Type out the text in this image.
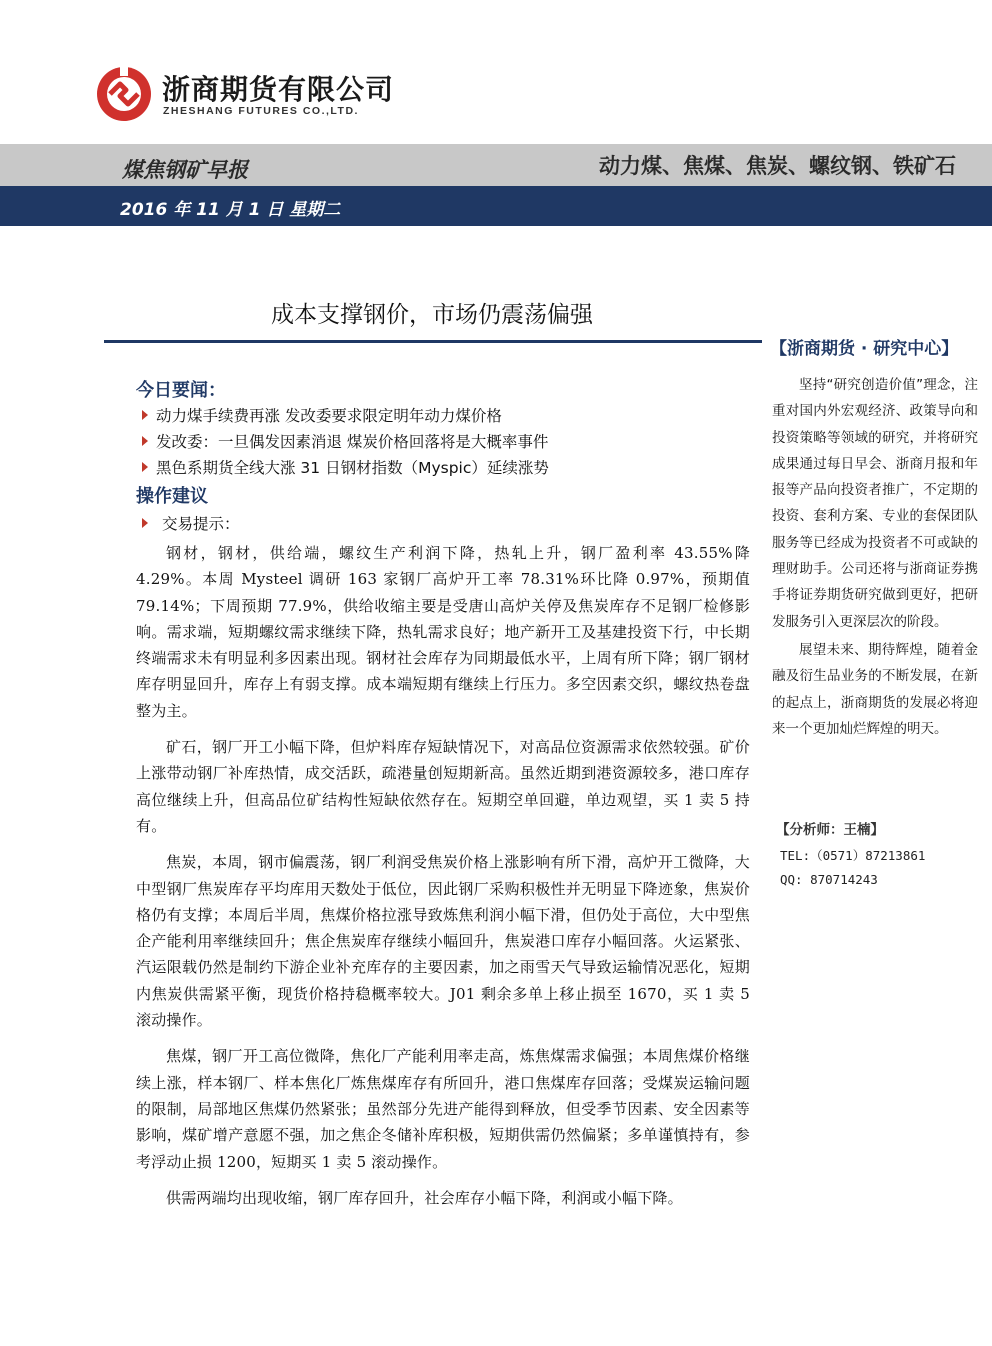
浙商期货有限公司
ZHESHANG FUTURES CO.,LTD.
煤焦钢矿早报	动力煤、焦煤、焦炭、螺纹钢、铁矿石
2016 年 11 月 1 日 星期二
成本支撑钢价，市场仍震荡偏强
【浙商期货 · 研究中心】
今日要闻：
动力煤手续费再涨 发改委要求限定明年动力煤价格
发改委：一旦偶发因素消退 煤炭价格回落将是大概率事件
黑色系期货全线大涨 31 日钢材指数（Myspic）延续涨势
操作建议
交易提示：

钢材，钢材，供给端，螺纹生产利润下降，热轧上升，钢厂盈利率 43.55%降 4.29%。本周 Mysteel 调研 163 家钢厂高炉开工率 78.31%环比降 0.97%，预期值 79.14%；下周预期 77.9%，供给收缩主要是受唐山高炉关停及焦炭库存不足钢厂检修影响。需求端，短期螺纹需求继续下降，热轧需求良好；地产新开工及基建投资下行，中长期终端需求未有明显利多因素出现。钢材社会库存为同期最低水平，上周有所下降；钢厂钢材库存明显回升，库存上有弱支撑。成本端短期有继续上行压力。多空因素交织，螺纹热卷盘整为主。

矿石，钢厂开工小幅下降，但炉料库存短缺情况下，对高品位资源需求依然较强。矿价上涨带动钢厂补库热情，成交活跃，疏港量创短期新高。虽然近期到港资源较多，港口库存高位继续上升，但高品位矿结构性短缺依然存在。短期空单回避，单边观望，买 1 卖 5 持有。

焦炭，本周，钢市偏震荡，钢厂利润受焦炭价格上涨影响有所下滑，高炉开工微降，大中型钢厂焦炭库存平均库用天数处于低位，因此钢厂采购积极性并无明显下降迹象，焦炭价格仍有支撑；本周后半周，焦煤价格拉涨导致炼焦利润小幅下滑，但仍处于高位，大中型焦企产能利用率继续回升；焦企焦炭库存继续小幅回升，焦炭港口库存小幅回落。火运紧张、汽运限载仍然是制约下游企业补充库存的主要因素，加之雨雪天气导致运输情况恶化，短期内焦炭供需紧平衡，现货价格持稳概率较大。J01 剩余多单上移止损至 1670，买 1 卖 5 滚动操作。

焦煤，钢厂开工高位微降，焦化厂产能利用率走高，炼焦煤需求偏强；本周焦煤价格继续上涨，样本钢厂、样本焦化厂炼焦煤库存有所回升，港口焦煤库存回落；受煤炭运输问题的限制，局部地区焦煤仍然紧张；虽然部分先进产能得到释放，但受季节因素、安全因素等影响，煤矿增产意愿不强，加之焦企冬储补库积极，短期供需仍然偏紧；多单谨慎持有，参考浮动止损 1200，短期买 1 卖 5 滚动操作。

供需两端均出现收缩，钢厂库存回升，社会库存小幅下降，利润或小幅下降。

坚持“研究创造价值”理念，注重对国内外宏观经济、政策导向和投资策略等领域的研究，并将研究成果通过每日早会、浙商月报和年报等产品向投资者推广，不定期的投资、套利方案、专业的套保团队服务等已经成为投资者不可或缺的理财助手。公司还将与浙商证券携手将证券期货研究做到更好，把研发服务引入更深层次的阶段。

展望未来、期待辉煌，随着金融及衍生品业务的不断发展，在新的起点上，浙商期货的发展必将迎来一个更加灿烂辉煌的明天。

【分析师：王楠】
TEL:（0571）87213861
QQ: 870714243
